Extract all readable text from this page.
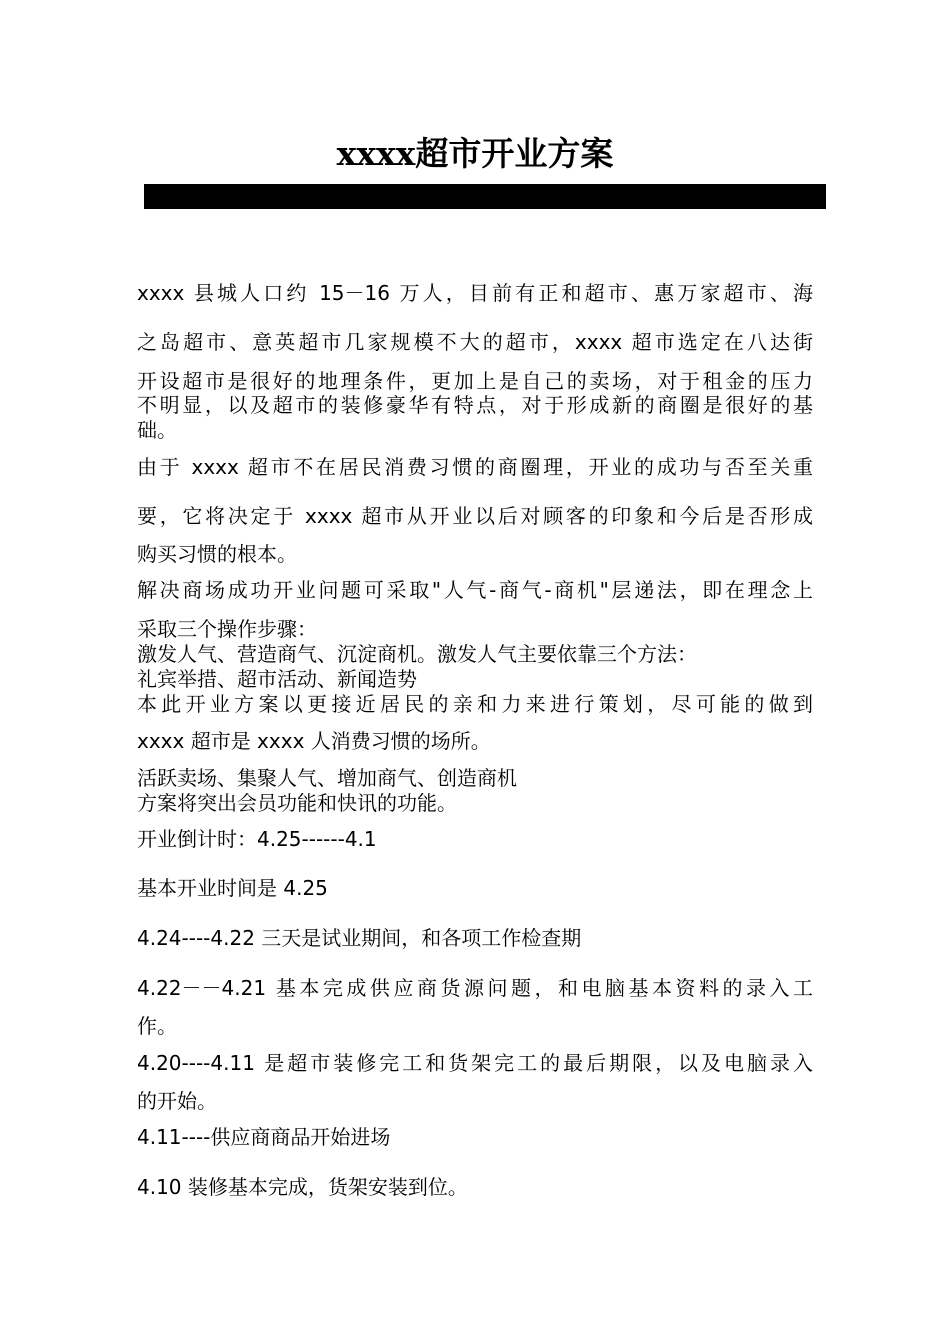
xxxx超市开业方案
xxxx 县城人口约 15－16 万人，目前有正和超市、惠万家超市、海
之岛超市、意英超市几家规模不大的超市，xxxx 超市选定在八达街
开设超市是很好的地理条件，更加上是自己的卖场，对于租金的压力
不明显，以及超市的装修豪华有特点，对于形成新的商圈是很好的基
础。
由于 xxxx 超市不在居民消费习惯的商圈理，开业的成功与否至关重
要，它将决定于 xxxx 超市从开业以后对顾客的印象和今后是否形成
购买习惯的根本。
解决商场成功开业问题可采取"人气-商气-商机"层递法，即在理念上
采取三个操作步骤：
激发人气、营造商气、沉淀商机。激发人气主要依靠三个方法：
礼宾举措、超市活动、新闻造势
本此开业方案以更接近居民的亲和力来进行策划，尽可能的做到
xxxx 超市是 xxxx 人消费习惯的场所。
活跃卖场、集聚人气、增加商气、创造商机
方案将突出会员功能和快讯的功能。
开业倒计时：4.25------4.1
基本开业时间是 4.25
4.24----4.22 三天是试业期间，和各项工作检查期
4.22－－4.21 基本完成供应商货源问题，和电脑基本资料的录入工
作。
4.20----4.11 是超市装修完工和货架完工的最后期限，以及电脑录入
的开始。
4.11----供应商商品开始进场
4.10 装修基本完成，货架安装到位。
